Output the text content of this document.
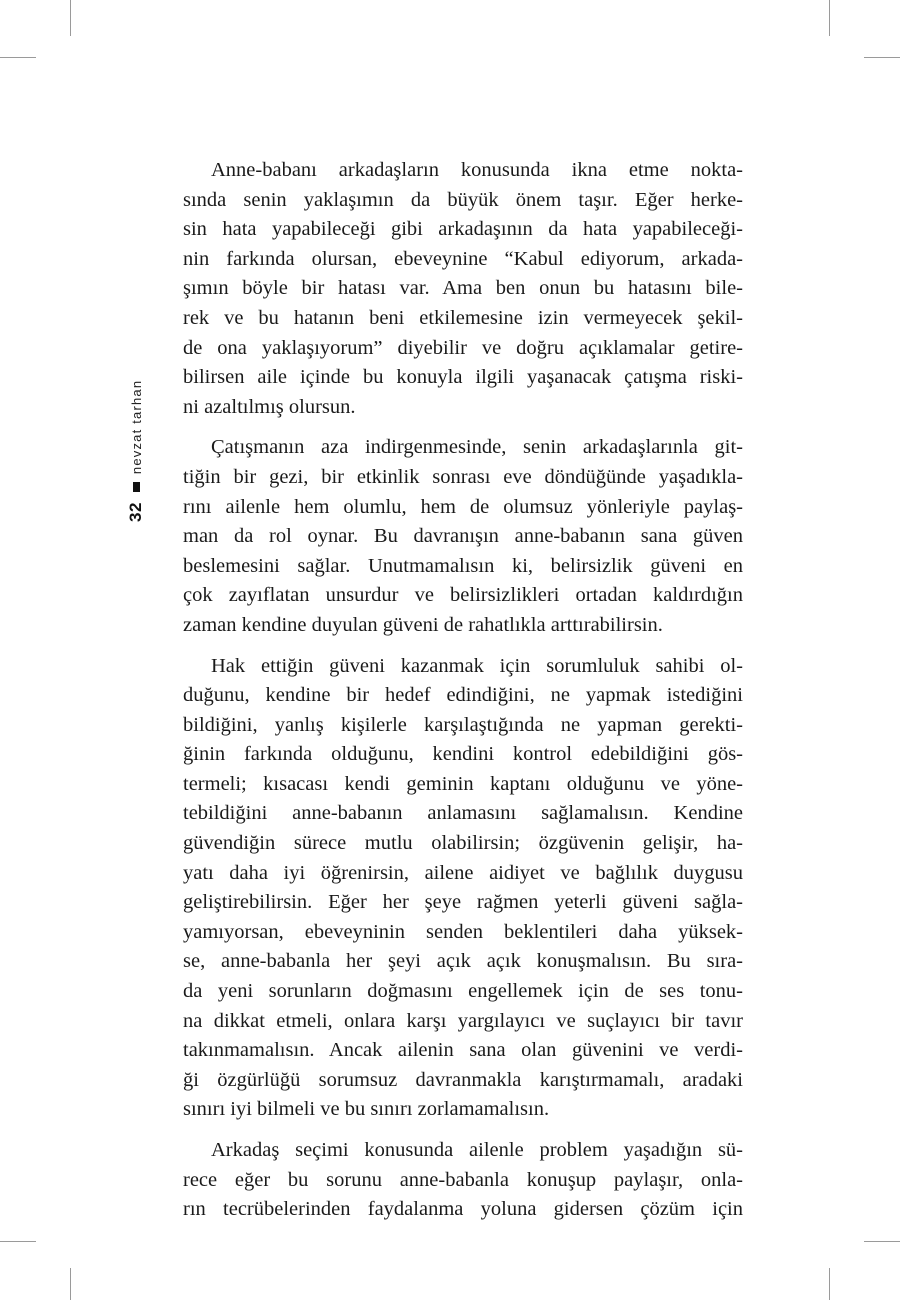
32
nevzat tarhan

Anne-babanı arkadaşların konusunda ikna etme nokta-
sında senin yaklaşımın da büyük önem taşır. Eğer herke-
sin hata yapabileceği gibi arkadaşının da hata yapabileceği-
nin farkında olursan, ebeveynine “Kabul ediyorum, arkada-
şımın böyle bir hatası var. Ama ben onun bu hatasını bile-
rek ve bu hatanın beni etkilemesine izin vermeyecek şekil-
de ona yaklaşıyorum” diyebilir ve doğru açıklamalar getire-
bilirsen aile içinde bu konuyla ilgili yaşanacak çatışma riski-
ni azaltılmış olursun.

Çatışmanın aza indirgenmesinde, senin arkadaşlarınla git-
tiğin bir gezi, bir etkinlik sonrası eve döndüğünde yaşadıkla-
rını ailenle hem olumlu, hem de olumsuz yönleriyle paylaş-
man da rol oynar. Bu davranışın anne-babanın sana güven
beslemesini sağlar. Unutmamalısın ki, belirsizlik güveni en
çok zayıflatan unsurdur ve belirsizlikleri ortadan kaldırdığın
zaman kendine duyulan güveni de rahatlıkla arttırabilirsin.

Hak ettiğin güveni kazanmak için sorumluluk sahibi ol-
duğunu, kendine bir hedef edindiğini, ne yapmak istediğini
bildiğini, yanlış kişilerle karşılaştığında ne yapman gerekti-
ğinin farkında olduğunu, kendini kontrol edebildiğini gös-
termeli; kısacası kendi geminin kaptanı olduğunu ve yöne-
tebildiğini anne-babanın anlamasını sağlamalısın. Kendine
güvendiğin sürece mutlu olabilirsin; özgüvenin gelişir, ha-
yatı daha iyi öğrenirsin, ailene aidiyet ve bağlılık duygusu
geliştirebilirsin. Eğer her şeye rağmen yeterli güveni sağla-
yamıyorsan, ebeveyninin senden beklentileri daha yüksek-
se, anne-babanla her şeyi açık açık konuşmalısın. Bu sıra-
da yeni sorunların doğmasını engellemek için de ses tonu-
na dikkat etmeli, onlara karşı yargılayıcı ve suçlayıcı bir tavır
takınmamalısın. Ancak ailenin sana olan güvenini ve verdi-
ği özgürlüğü sorumsuz davranmakla karıştırmamalı, aradaki
sınırı iyi bilmeli ve bu sınırı zorlamamalısın.

Arkadaş seçimi konusunda ailenle problem yaşadığın sü-
rece eğer bu sorunu anne-babanla konuşup paylaşır, onla-
rın tecrübelerinden faydalanma yoluna gidersen çözüm için
